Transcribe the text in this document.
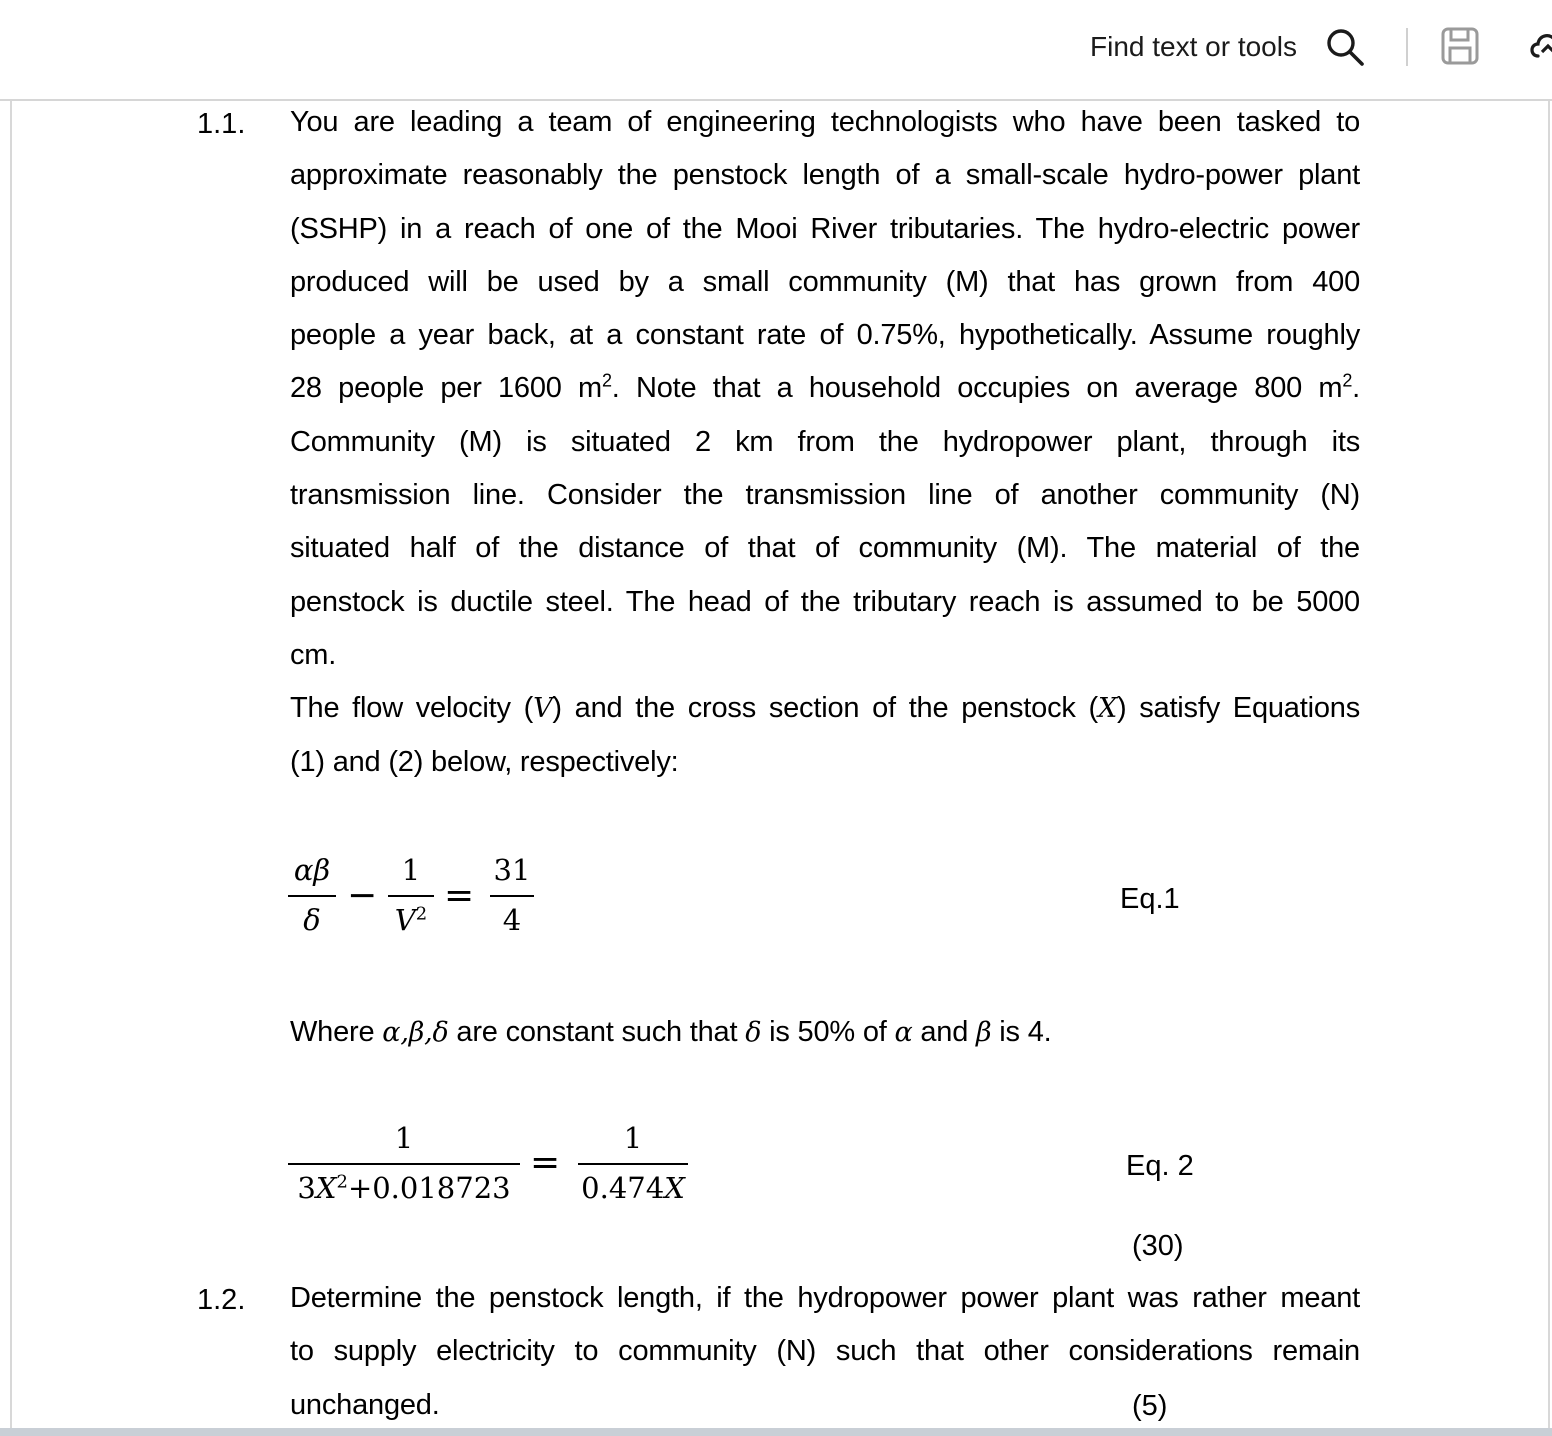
Find text or tools
1.1. You are leading a team of engineering technologists who have been tasked to
approximate reasonably the penstock length of a small-scale hydro-power plant
(SSHP) in a reach of one of the Mooi River tributaries. The hydro-electric power
produced will be used by a small community (M) that has grown from 400
people a year back, at a constant rate of 0.75%, hypothetically. Assume roughly
28 people per 1600 $m^2$. Note that a household occupies on average 800 $m^2$.
Community (M) is situated 2 km from the hydropower plant, through its
transmission line. Consider the transmission line of another community (N)
situated half of the distance of that of community (M). The material of the
penstock is ductile steel. The head of the tributary reach is assumed to be 5000
cm.
The flow velocity (V) and the cross section of the penstock (X) satisfy Equations
(1) and (2) below, respectively:
αβ
δ
−
1
$V^2$ =
31
4
Eq.1
Where α,β,δ are constant such that δ is 50% of α and β is 4.
1
$3X^2+0.018723$
=
1
0.474X
Eq. 2
(30)
1.2. Determine the penstock length, if the hydropower power plant was rather meant
to supply electricity to community (N) such that other considerations remain
unchanged.	(5)
